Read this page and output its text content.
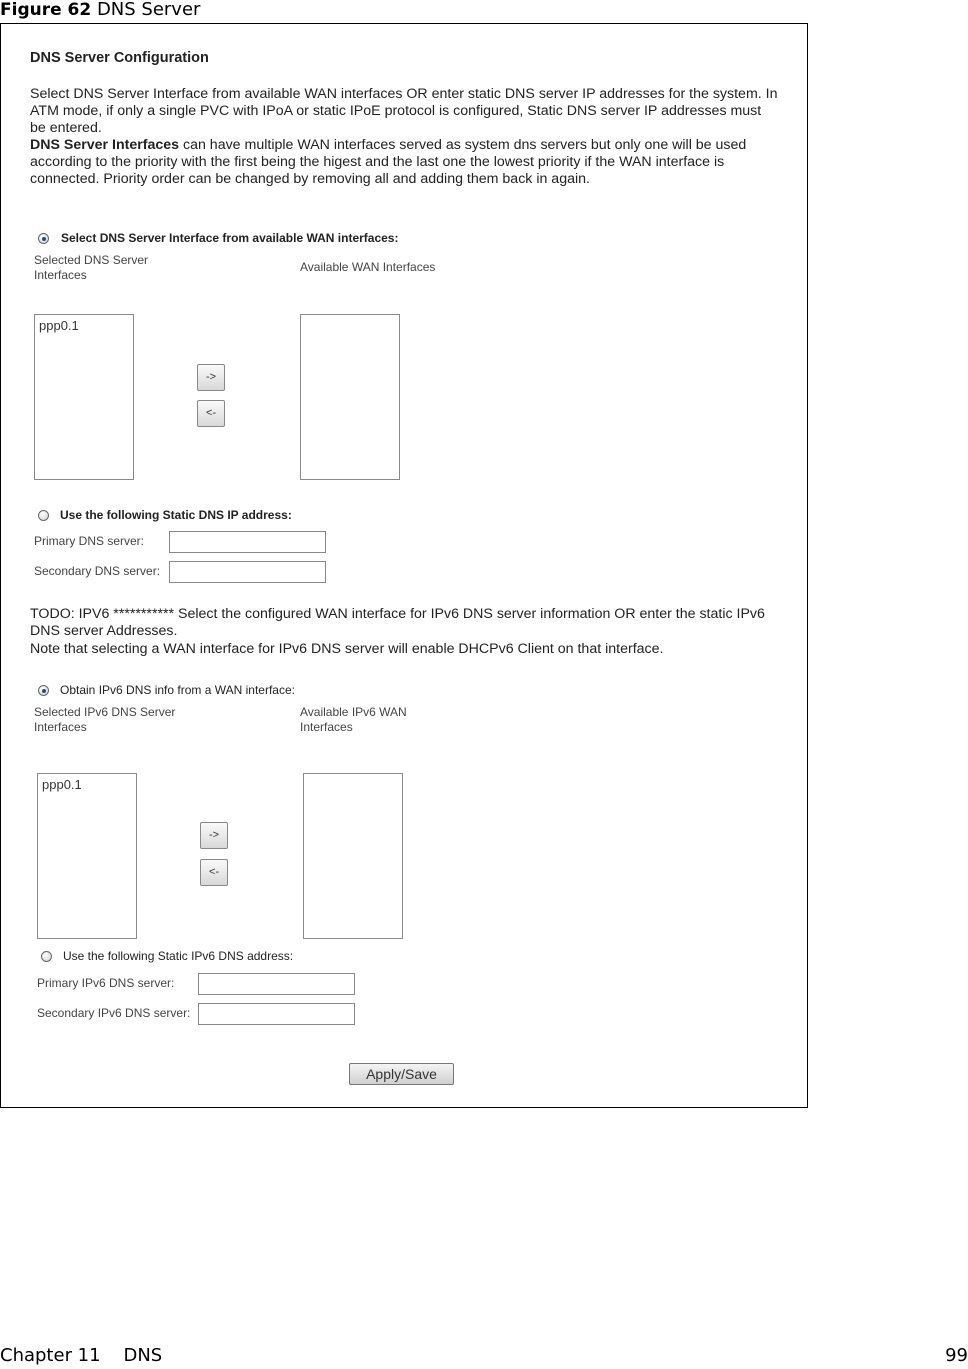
Figure 62 DNS Server
DNS Server Configuration
Select DNS Server Interface from available WAN interfaces OR enter static DNS server IP addresses for the system. In ATM mode, if only a single PVC with IPoA or static IPoE protocol is configured, Static DNS server IP addresses must be entered.
DNS Server Interfaces can have multiple WAN interfaces served as system dns servers but only one will be used according to the priority with the first being the higest and the last one the lowest priority if the WAN interface is connected. Priority order can be changed by removing all and adding them back in again.
Select DNS Server Interface from available WAN interfaces:
Selected DNS Server Interfaces
Available WAN Interfaces
ppp0.1
->
<-
Use the following Static DNS IP address:
Primary DNS server:
Secondary DNS server:
TODO: IPV6 *********** Select the configured WAN interface for IPv6 DNS server information OR enter the static IPv6 DNS server Addresses.
Note that selecting a WAN interface for IPv6 DNS server will enable DHCPv6 Client on that interface.
Obtain IPv6 DNS info from a WAN interface:
Selected IPv6 DNS Server Interfaces
Available IPv6 WAN Interfaces
ppp0.1
->
<-
Use the following Static IPv6 DNS address:
Primary IPv6 DNS server:
Secondary IPv6 DNS server:
Apply/Save
Chapter 11 DNS	99
